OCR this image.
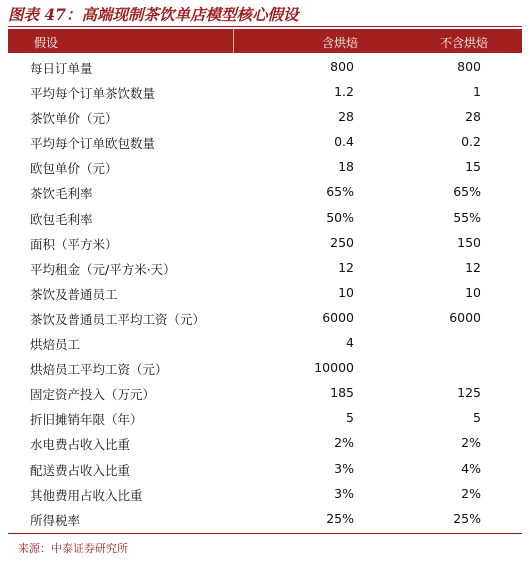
图表 47：高端现制茶饮单店模型核心假设
假设	含烘焙	不含烘焙
每日订单量	800	800
平均每个订单茶饮数量	1.2	1
茶饮单价（元）	28	28
平均每个订单欧包数量	0.4	0.2
欧包单价（元）	18	15
茶饮毛利率	65%	65%
欧包毛利率	50%	55%
面积（平方米）	250	150
平均租金（元/平方米·天）	12	12
茶饮及普通员工	10	10
茶饮及普通员工平均工资（元）	6000	6000
烘焙员工	4
烘焙员工平均工资（元）	10000
固定资产投入（万元）	185	125
折旧摊销年限（年）	5	5
水电费占收入比重	2%	2%
配送费占收入比重	3%	4%
其他费用占收入比重	3%	2%
所得税率	25%	25%
来源：中泰证券研究所
